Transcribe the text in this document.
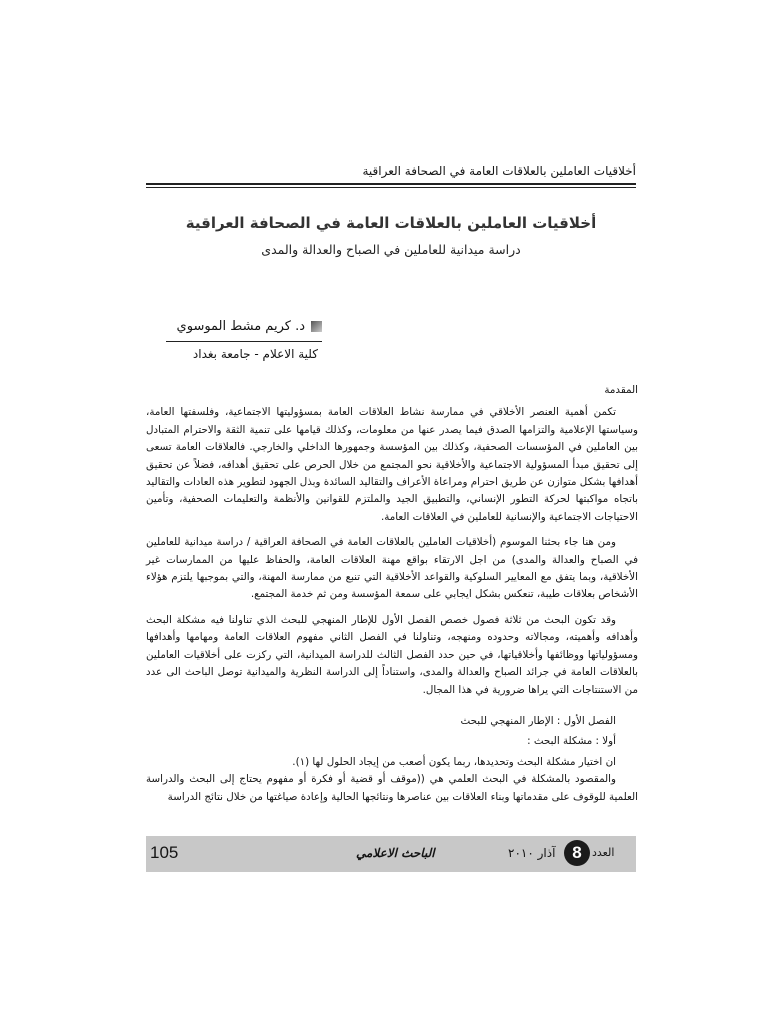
أخلاقيات العاملين بالعلاقات العامة في الصحافة العراقية
أخلاقيات العاملين بالعلاقات العامة في الصحافة العراقية
دراسة ميدانية للعاملين في الصباح والعدالة والمدى
د. كريم مشط الموسوي
كلية الاعلام - جامعة بغداد

المقدمة

تكمن أهمية العنصر الأخلاقي في ممارسة نشاط العلاقات العامة بمسؤوليتها الاجتماعية، وفلسفتها العامة، وسياستها الإعلامية والتزامها الصدق فيما يصدر عنها من معلومات، وكذلك قيامها على تنمية الثقة والاحترام المتبادل بين العاملين في المؤسسات الصحفية، وكذلك بين المؤسسة وجمهورها الداخلي والخارجي. فالعلاقات العامة تسعى إلى تحقيق مبدأ المسؤولية الاجتماعية والأخلاقية نحو المجتمع من خلال الحرص على تحقيق أهدافه، فضلاً عن تحقيق أهدافها بشكل متوازن عن طريق احترام ومراعاة الأعراف والتقاليد السائدة وبذل الجهود لتطوير هذه العادات والتقاليد باتجاه مواكبتها لحركة التطور الإنساني، والتطبيق الجيد والملتزم للقوانين والأنظمة والتعليمات الصحفية، وتأمين الاحتياجات الاجتماعية والإنسانية للعاملين في العلاقات العامة.

ومن هنا جاء بحثنا الموسوم (أخلاقيات العاملين بالعلاقات العامة في الصحافة العراقية / دراسة ميدانية للعاملين في الصباح والعدالة والمدى) من اجل الارتقاء بواقع مهنة العلاقات العامة، والحفاظ عليها من الممارسات غير الأخلاقية، وبما يتفق مع المعايير السلوكية والقواعد الأخلاقية التي تنبع من ممارسة المهنة، والتي بموجبها يلتزم هؤلاء الأشخاص بعلاقات طيبة، تنعكس بشكل ايجابي على سمعة المؤسسة ومن ثم خدمة المجتمع.

وقد تكون البحث من ثلاثة فصول خصص الفصل الأول للإطار المنهجي للبحث الذي تناولنا فيه مشكلة البحث وأهدافه وأهميته، ومجالاته وحدوده ومنهجه، وتناولنا في الفصل الثاني مفهوم العلاقات العامة ومهامها وأهدافها ومسؤولياتها ووظائفها وأخلاقياتها، في حين حدد الفصل الثالث للدراسة الميدانية، التي ركزت على أخلاقيات العاملين بالعلاقات العامة في جرائد الصباح والعدالة والمدى، واستناداً إلى الدراسة النظرية والميدانية توصل الباحث الى عدد من الاستنتاجات التي يراها ضرورية في هذا المجال.

الفصل الأول : الإطار المنهجي للبحث

أولا : مشكلة البحث :

ان اختيار مشكلة البحث وتحديدها، ربما يكون أصعب من إيجاد الحلول لها (١).

والمقصود بالمشكلة في البحث العلمي هي ((موقف أو قضية أو فكرة أو مفهوم يحتاج إلى البحث والدراسة العلمية للوقوف على مقدماتها وبناء العلاقات بين عناصرها ونتائجها الحالية وإعادة صياغتها من خلال نتائج الدراسة

105	الباحث الاعلامي	آذار ٢٠١٠ 8 العدد
